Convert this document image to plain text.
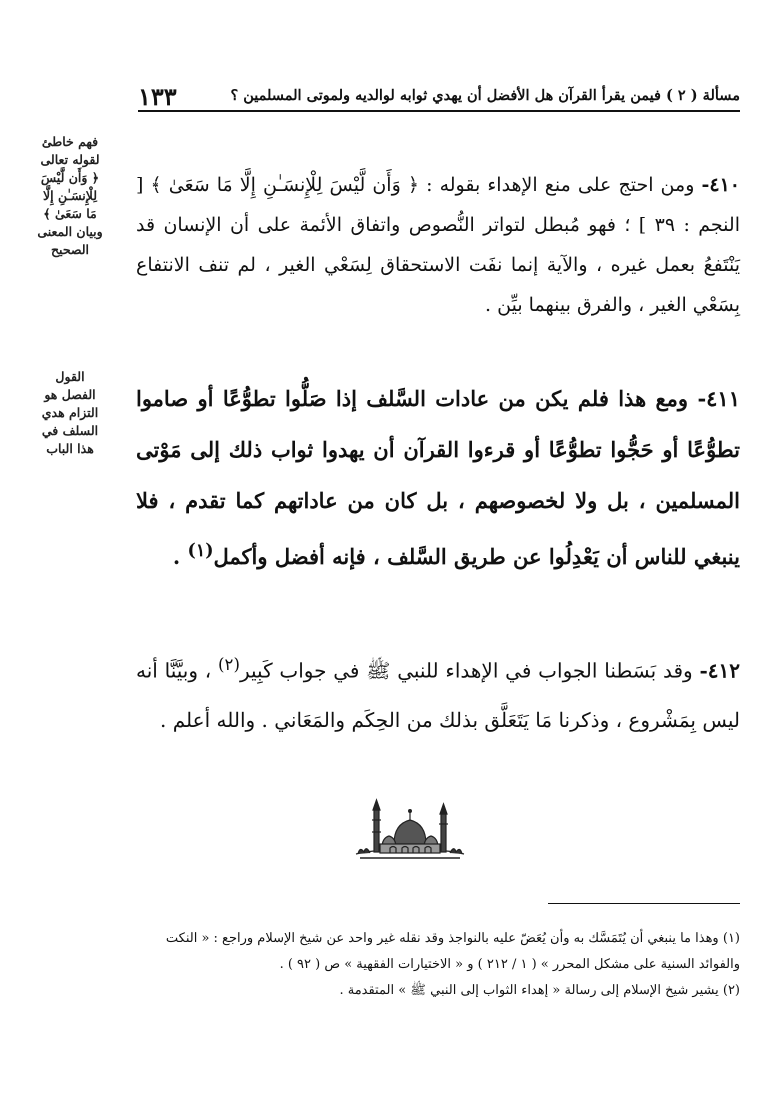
١٣٣	مسألة ( ٢ ) فيمن يقرأ القرآن هل الأفضل أن يهدي ثوابه لوالديه ولموتى المسلمين ؟
فهم خاطئ
لقوله تعالى
﴿ وَأَن لَّيْسَ
لِلْإِنسَـٰنِ إِلَّا
مَا سَعَىٰ ﴾
وبيان المعنى
الصحيح
القول
الفصل هو
التزام هدي
السلف في
هذا الباب

٤١٠- ومن احتج على منع الإهداء بقوله : ﴿ وَأَن لَّيْسَ لِلْإِنسَـٰنِ إِلَّا مَا سَعَىٰ ﴾ [ النجم : ٣٩ ] ؛ فهو مُبطل لتواتر النُّصوص واتفاق الأئمة على أن الإنسان قد يَنْتَفعُ بعمل غيره ، والآية إنما نفَت الاستحقاق لِسَعْي الغير ، لم تنف الانتفاع بِسَعْي الغير ، والفرق بينهما بيِّن .

٤١١- ومع هذا فلم يكن من عادات السَّلف إذا صَلُّوا تطوُّعًا أو صاموا تطوُّعًا أو حَجُّوا تطوُّعًا أو قرءوا القرآن أن يهدوا ثواب ذلك إلى مَوْتى المسلمين ، بل ولا لخصوصهم ، بل كان من عاداتهم كما تقدم ، فلا ينبغي للناس أن يَعْدِلُوا عن طريق السَّلف ، فإنه أفضل وأكمل$^{(١)}$ .

٤١٢- وقد بَسَطنا الجواب في الإهداء للنبي ﷺ في جواب كَبِير$^{(٢)}$ ، وبيَّنَّا أنه ليس بِمَشْروع ، وذكرنا مَا يَتَعَلَّق بذلك من الحِكَم والمَعَاني . والله أعلم .

(١) وهذا ما ينبغي أن يُتَمَسَّك به وأن يُعَضّ عليه بالنواجذ وقد نقله غير واحد عن شيخ الإسلام وراجع : « النكت والفوائد السنية على مشكل المحرر » ( ١ / ٢١٢ ) و « الاختيارات الفقهية » ص ( ٩٢ ) .

(٢) يشير شيخ الإسلام إلى رسالة « إهداء الثواب إلى النبي ﷺ » المتقدمة .
